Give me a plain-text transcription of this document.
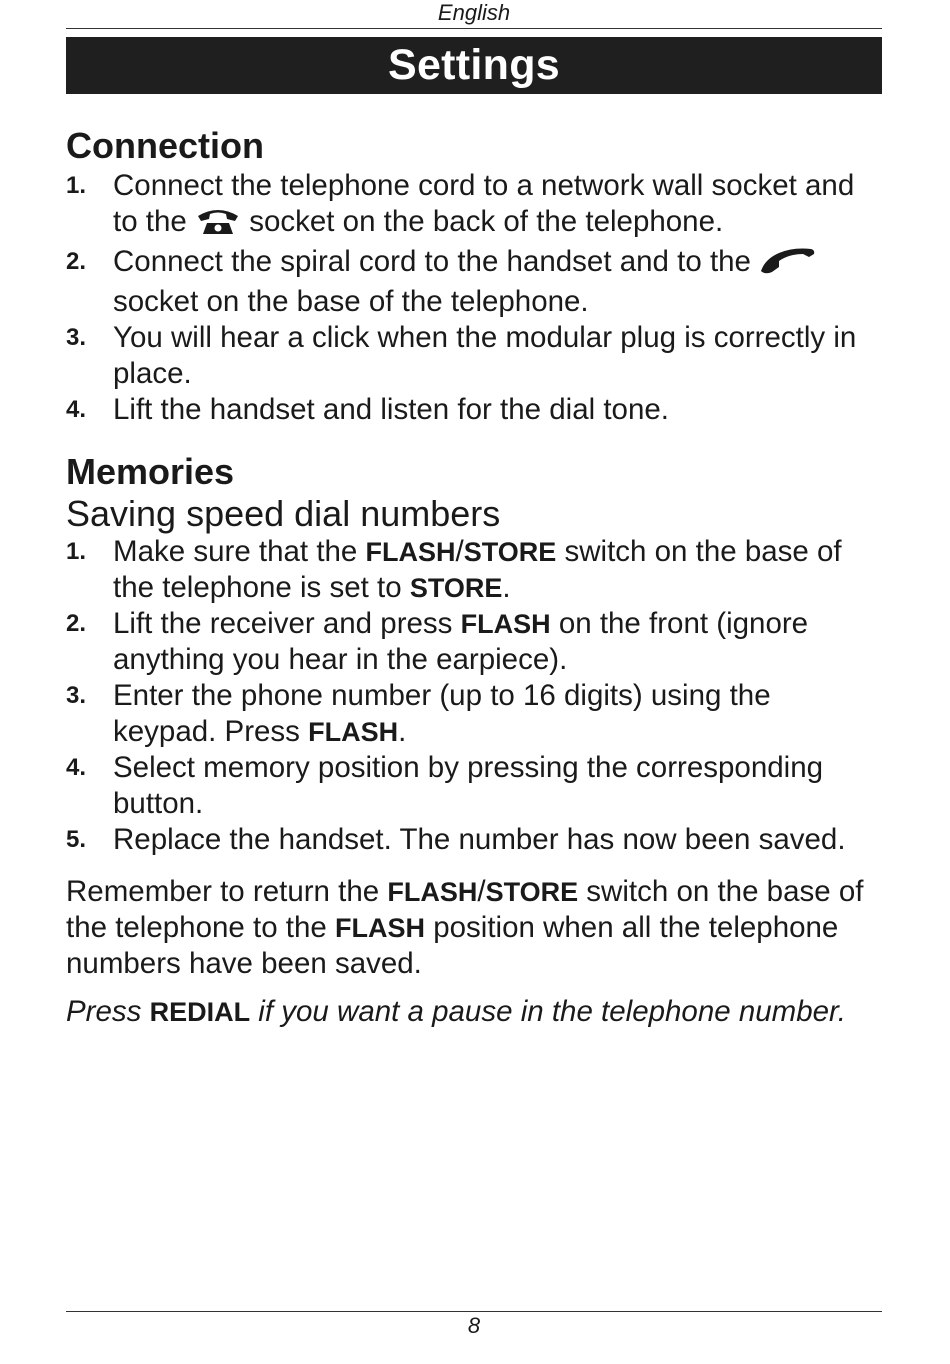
English
Settings
Connection
1. Connect the telephone cord to a network wall socket and to the socket on the back of the telephone.
2. Connect the spiral cord to the handset and to the  socket on the base of the telephone.
3. You will hear a click when the modular plug is correctly in place.
4. Lift the handset and listen for the dial tone.
Memories
Saving speed dial numbers
1. Make sure that the FLASH/STORE switch on the base of the telephone is set to STORE.
2. Lift the receiver and press FLASH on the front (ignore anything you hear in the earpiece).
3. Enter the phone number (up to 16 digits) using the keypad. Press FLASH.
4. Select memory position by pressing the corresponding button.
5. Replace the handset. The number has now been saved.

Remember to return the FLASH/STORE switch on the base of the telephone to the FLASH position when all the telephone numbers have been saved.

Press REDIAL if you want a pause in the telephone number.

8
